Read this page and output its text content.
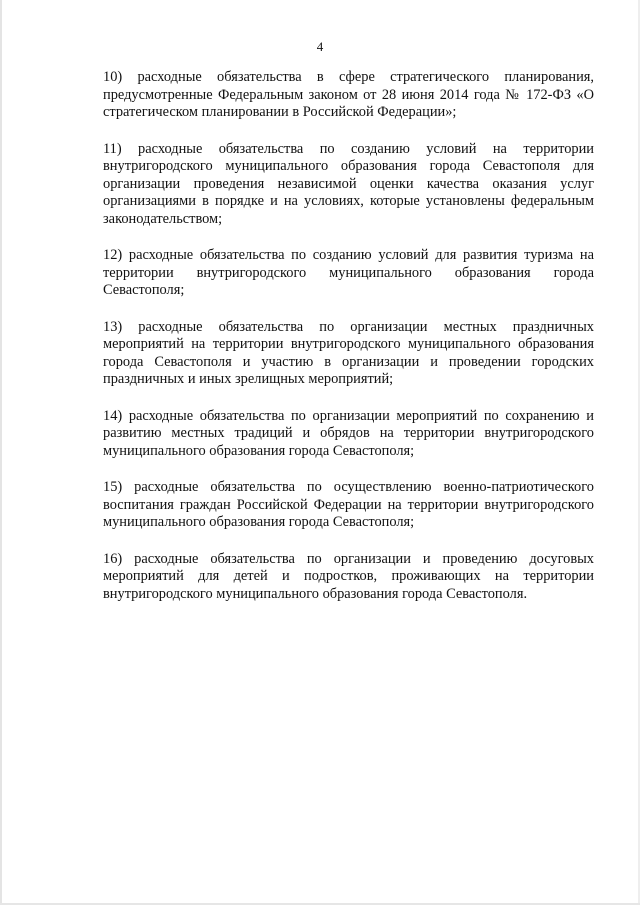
4

10) расходные обязательства в сфере стратегического планирования, предусмотренные Федеральным законом от 28 июня 2014 года № 172-ФЗ «О стратегическом планировании в Российской Федерации»;

11) расходные обязательства по созданию условий на территории внутригородского муниципального образования города Севастополя для организации проведения независимой оценки качества оказания услуг организациями в порядке и на условиях, которые установлены федеральным законодательством;

12) расходные обязательства по созданию условий для развития туризма на территории внутригородского муниципального образования города Севастополя;

13) расходные обязательства по организации местных праздничных мероприятий на территории внутригородского муниципального образования города Севастополя и участию в организации и проведении городских праздничных и иных зрелищных мероприятий;

14) расходные обязательства по организации мероприятий по сохранению и развитию местных традиций и обрядов на территории внутригородского муниципального образования города Севастополя;

15) расходные обязательства по осуществлению военно-патриотического воспитания граждан Российской Федерации на территории внутригородского муниципального образования города Севастополя;

16) расходные обязательства по организации и проведению досуговых мероприятий для детей и подростков, проживающих на территории внутригородского муниципального образования города Севастополя.
